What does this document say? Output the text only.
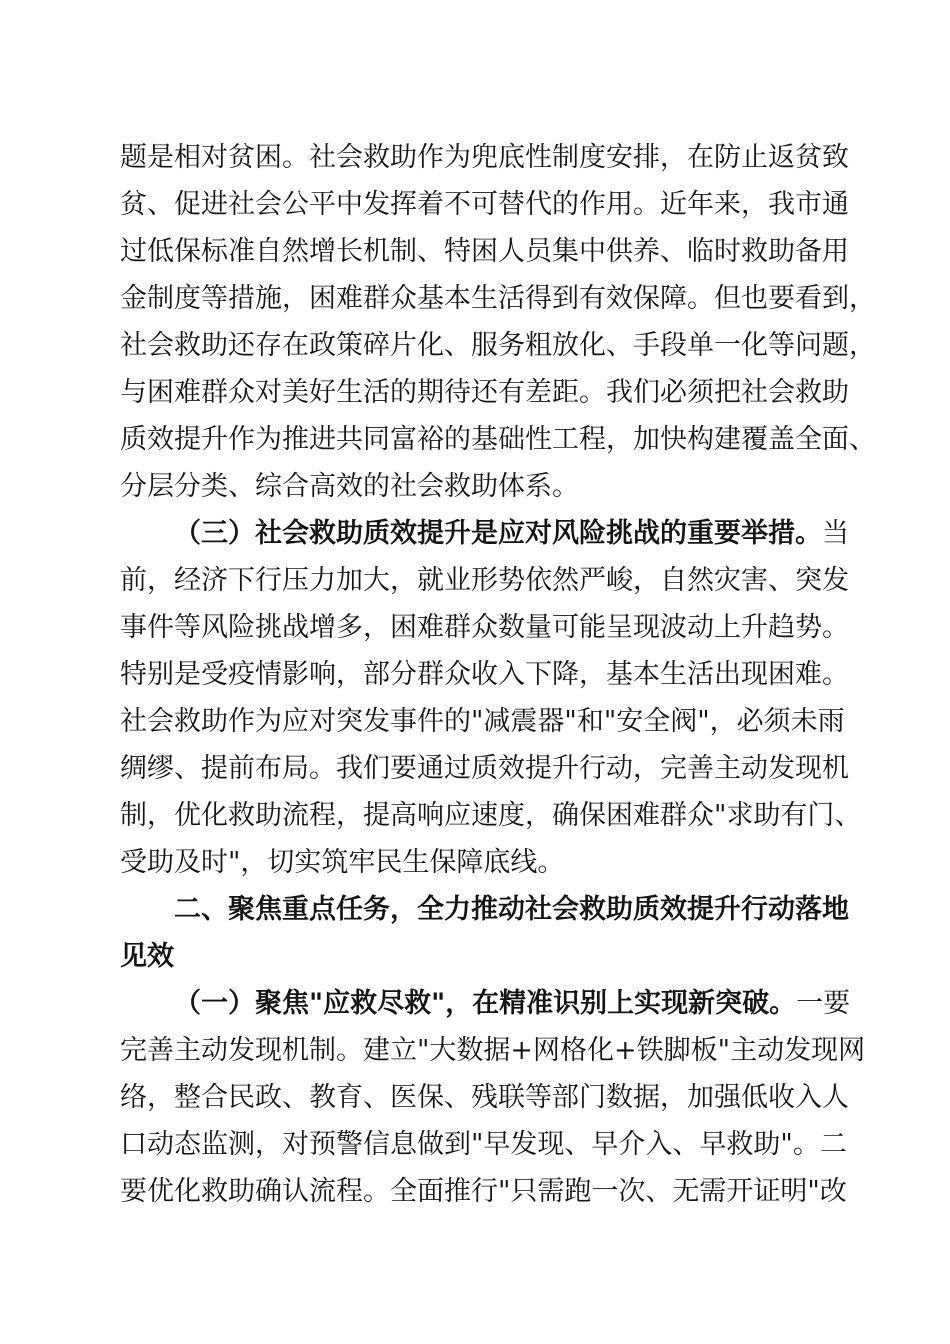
题是相对贫困。社会救助作为兜底性制度安排，在防止返贫致
贫、促进社会公平中发挥着不可替代的作用。近年来，我市通
过低保标准自然增长机制、特困人员集中供养、临时救助备用
金制度等措施，困难群众基本生活得到有效保障。但也要看到，
社会救助还存在政策碎片化、服务粗放化、手段单一化等问题，
与困难群众对美好生活的期待还有差距。我们必须把社会救助
质效提升作为推进共同富裕的基础性工程，加快构建覆盖全面、
分层分类、综合高效的社会救助体系。
（三）社会救助质效提升是应对风险挑战的重要举措。当
前，经济下行压力加大，就业形势依然严峻，自然灾害、突发
事件等风险挑战增多，困难群众数量可能呈现波动上升趋势。
特别是受疫情影响，部分群众收入下降，基本生活出现困难。
社会救助作为应对突发事件的"减震器"和"安全阀"，必须未雨
绸缪、提前布局。我们要通过质效提升行动，完善主动发现机
制，优化救助流程，提高响应速度，确保困难群众"求助有门、
受助及时"，切实筑牢民生保障底线。
二、聚焦重点任务，全力推动社会救助质效提升行动落地
见效
（一）聚焦"应救尽救"，在精准识别上实现新突破。一要
完善主动发现机制。建立"大数据+网格化+铁脚板"主动发现网
络，整合民政、教育、医保、残联等部门数据，加强低收入人
口动态监测，对预警信息做到"早发现、早介入、早救助"。二
要优化救助确认流程。全面推行"只需跑一次、无需开证明"改
